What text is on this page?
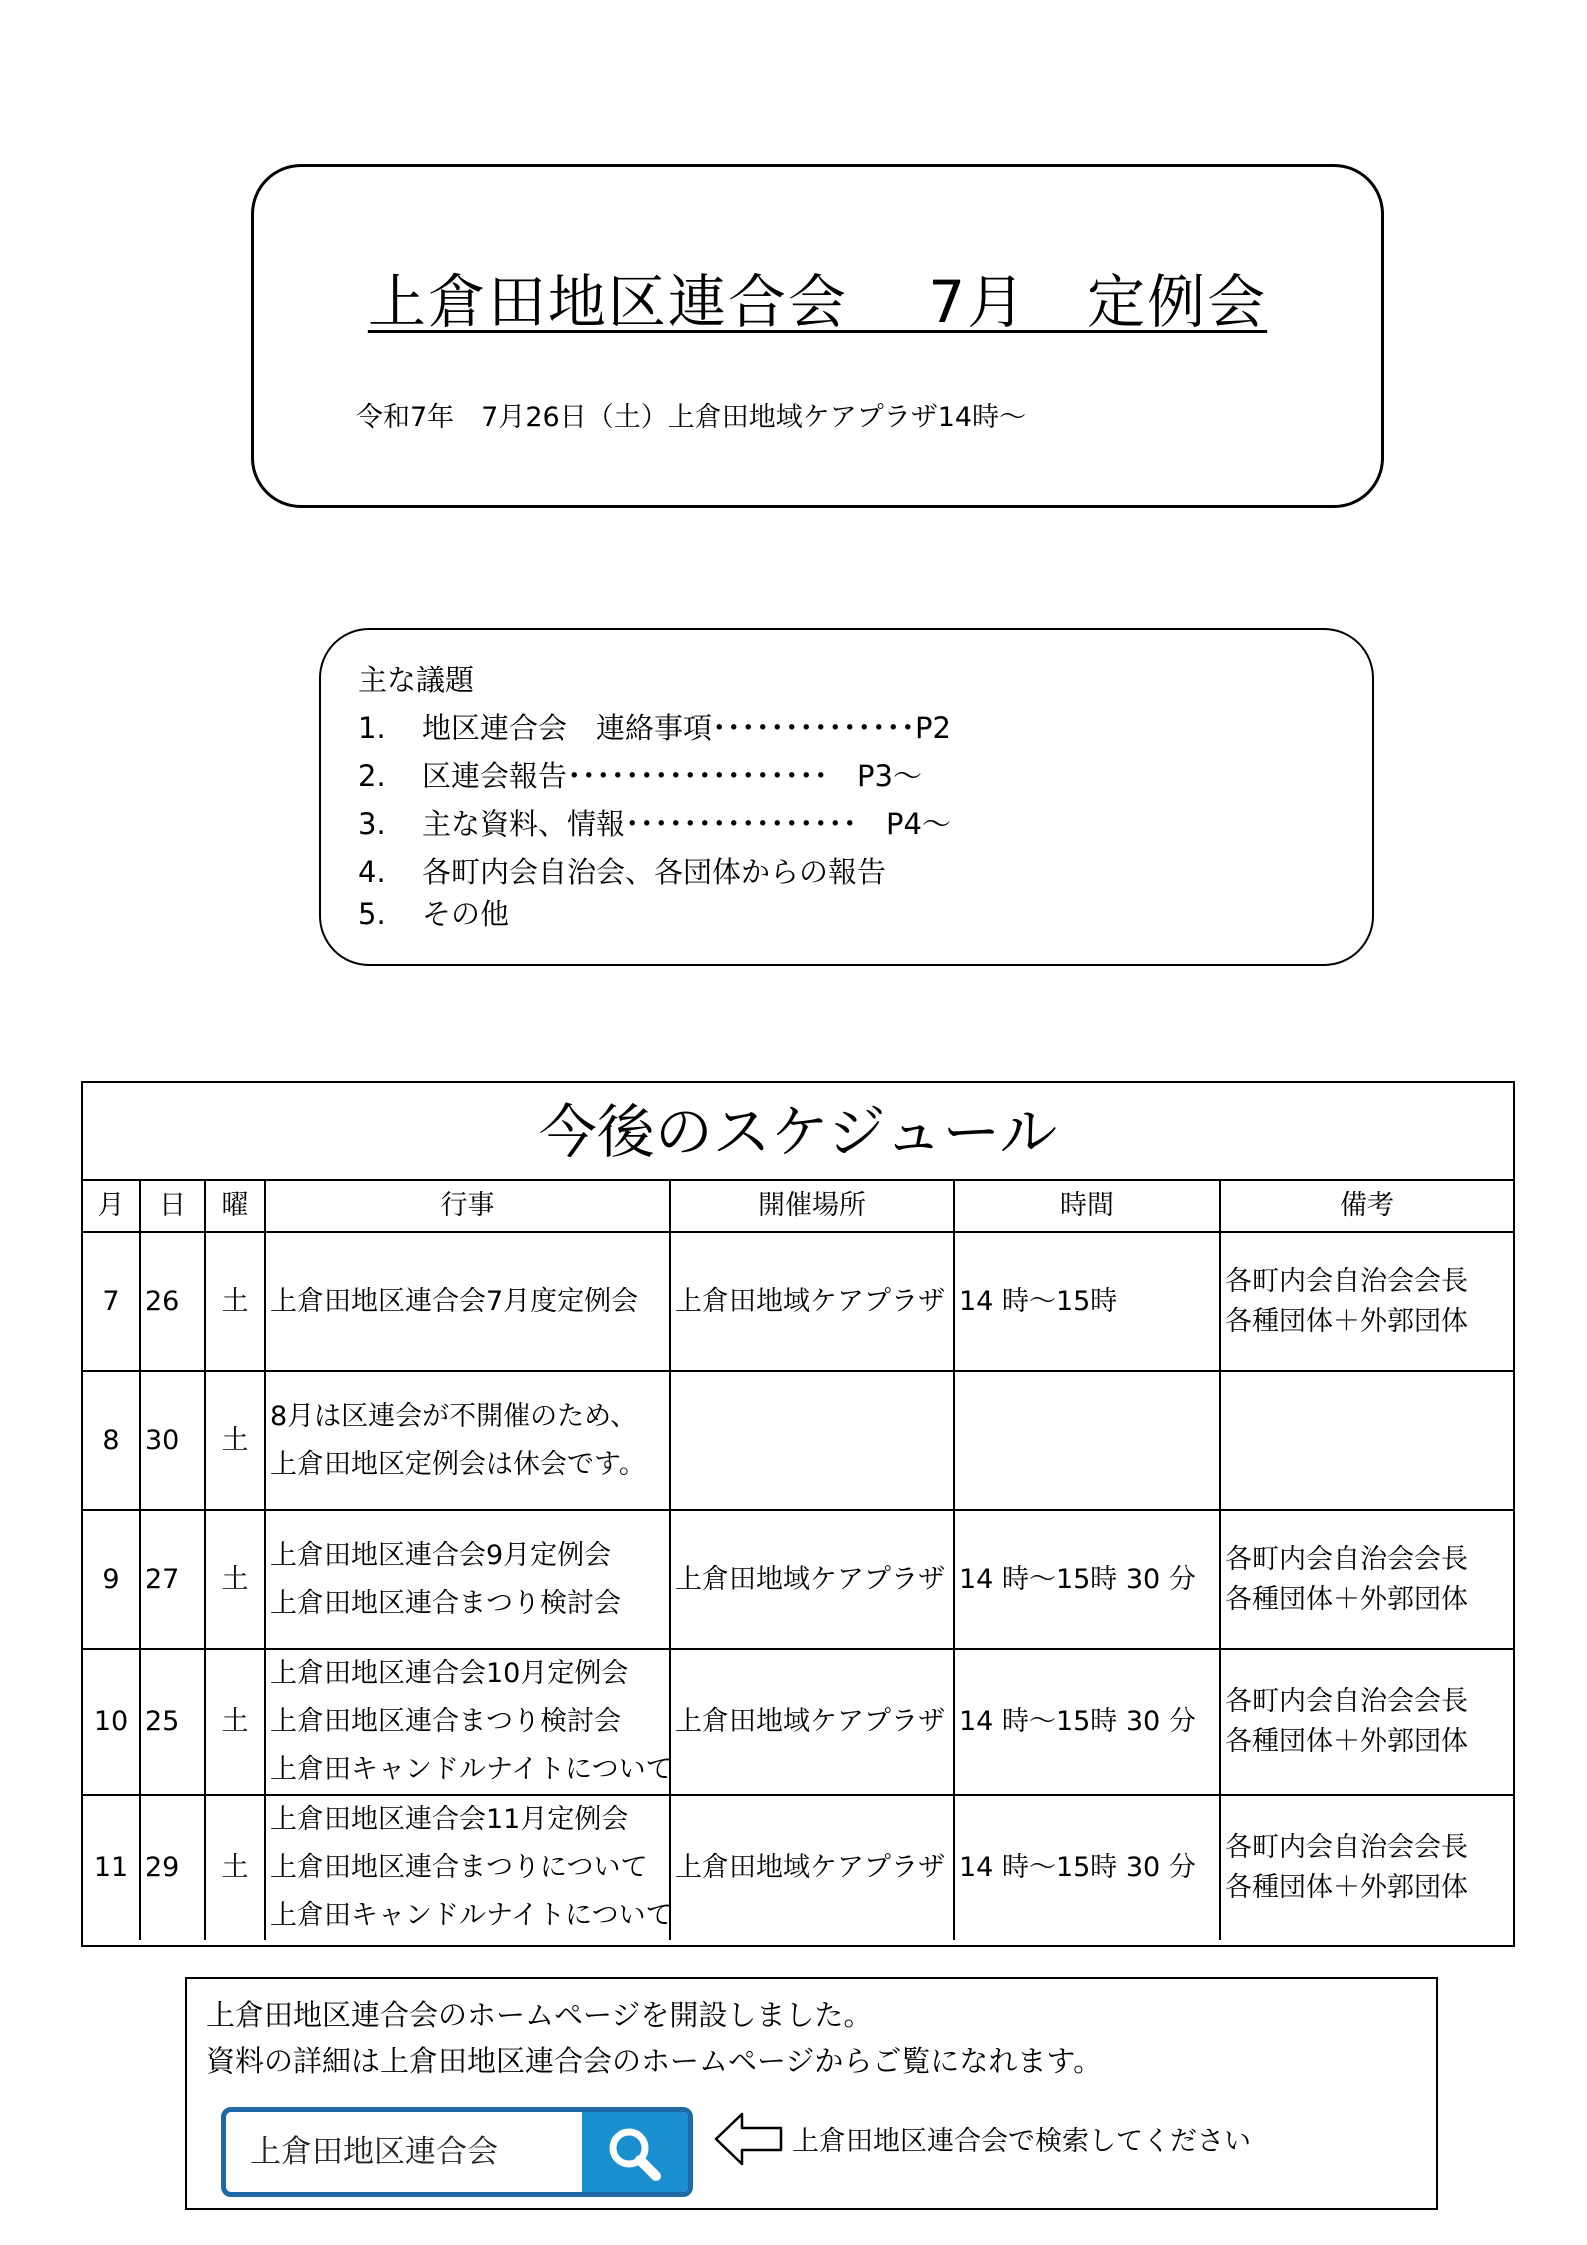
上倉田地区連合会　 7月　定例会
令和7年　7月26日（土）上倉田地域ケアプラザ14時～
主な議題
1. 地区連合会　連絡事項･･････････････P2
2. 区連会報告･･････････････････　P3～
3. 主な資料、情報････････････････　P4～
4. 各町内会自治会、各団体からの報告
5. その他
今後のスケジュール
月	日	曜	行事	開催場所	時間	備考
7	26	土	上倉田地区連合会7月度定例会	上倉田地域ケアプラザ	14 時～15時	各町内会自治会会長
各種団体＋外郭団体

8	30	土	8月は区連会が不開催のため、
上倉田地区定例会は休会です。			

9	27	土	上倉田地区連合会9月定例会
上倉田地区連合まつり検討会	上倉田地域ケアプラザ	14 時～15時 30 分	各町内会自治会会長
各種団体＋外郭団体

10	25	土	上倉田地区連合会10月定例会
上倉田地区連合まつり検討会
上倉田キャンドルナイトについて	上倉田地域ケアプラザ	14 時～15時 30 分	各町内会自治会会長
各種団体＋外郭団体

11	29	土	上倉田地区連合会11月定例会
上倉田地区連合まつりについて
上倉田キャンドルナイトについて	上倉田地域ケアプラザ	14 時～15時 30 分	各町内会自治会会長
各種団体＋外郭団体
上倉田地区連合会のホームページを開設しました。
資料の詳細は上倉田地区連合会のホームページからご覧になれます。
上倉田地区連合会	上倉田地区連合会で検索してください
